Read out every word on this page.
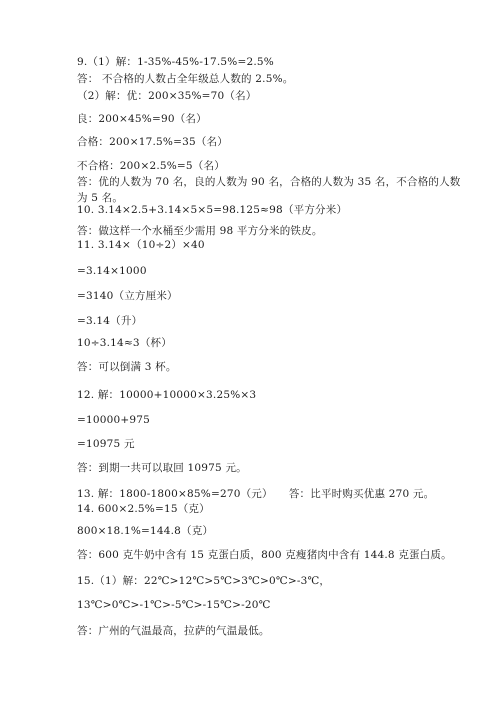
9.（1）解：1-35%-45%-17.5%=2.5%
答： 不合格的人数占全年级总人数的 2.5%。
（2）解：优：200×35%=70（名）
良：200×45%=90（名）
合格：200×17.5%=35（名）
不合格：200×2.5%=5（名）
答：优的人数为 70 名，良的人数为 90 名，合格的人数为 35 名，不合格的人数
为 5 名。
10. 3.14×2.5+3.14×5×5=98.125≈98（平方分米）
答：做这样一个水桶至少需用 98 平方分米的铁皮。
11. 3.14×（10÷2）×40
=3.14×1000
=3140（立方厘米）
=3.14（升）
10÷3.14≈3（杯）
答：可以倒满 3 杯。
12. 解：10000+10000×3.25%×3
=10000+975
=10975 元
答：到期一共可以取回 10975 元。
13. 解：1800-1800×85%=270（元）　　答：比平时购买优惠 270 元。
14. 600×2.5%=15（克）
800×18.1%=144.8（克）
答：600 克牛奶中含有 15 克蛋白质，800 克瘦猪肉中含有 144.8 克蛋白质。
15.（1）解：22℃>12℃>5℃>3℃>0℃>-3℃，
13℃>0℃>-1℃>-5℃>-15℃>-20℃
答：广州的气温最高，拉萨的气温最低。
